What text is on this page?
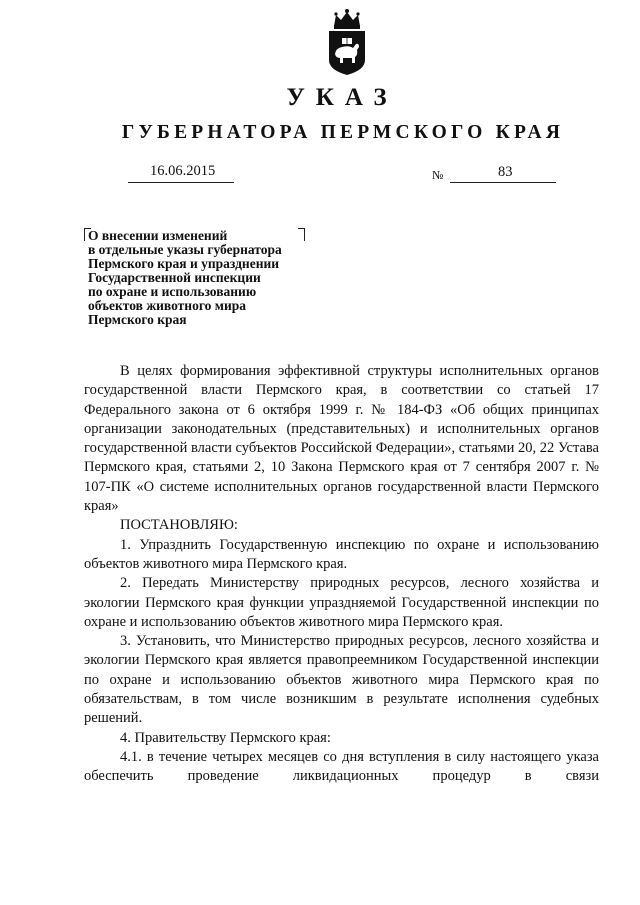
УКАЗ
ГУБЕРНАТОРА ПЕРМСКОГО КРАЯ
16.06.2015	№	83
О внесении изменений
в отдельные указы губернатора
Пермского края и упразднении
Государственной инспекции
по охране и использованию
объектов животного мира
Пермского края

В целях формирования эффективной структуры исполнительных органов государственной власти Пермского края, в соответствии со статьей 17 Федерального закона от 6 октября 1999 г. № 184-ФЗ «Об общих принципах организации законодательных (представительных) и исполнительных органов государственной власти субъектов Российской Федерации», статьями 20, 22 Устава Пермского края, статьями 2, 10 Закона Пермского края от 7 сентября 2007 г. № 107-ПК «О системе исполнительных органов государственной власти Пермского края»

ПОСТАНОВЛЯЮ:

1. Упразднить Государственную инспекцию по охране и использованию объектов животного мира Пермского края.

2. Передать Министерству природных ресурсов, лесного хозяйства и экологии Пермского края функции упраздняемой Государственной инспекции по охране и использованию объектов животного мира Пермского края.

3. Установить, что Министерство природных ресурсов, лесного хозяйства и экологии Пермского края является правопреемником Государственной инспекции по охране и использованию объектов животного мира Пермского края по обязательствам, в том числе возникшим в результате исполнения судебных решений.

4. Правительству Пермского края:

4.1. в течение четырех месяцев со дня вступления в силу настоящего указа обеспечить проведение ликвидационных процедур в связи
